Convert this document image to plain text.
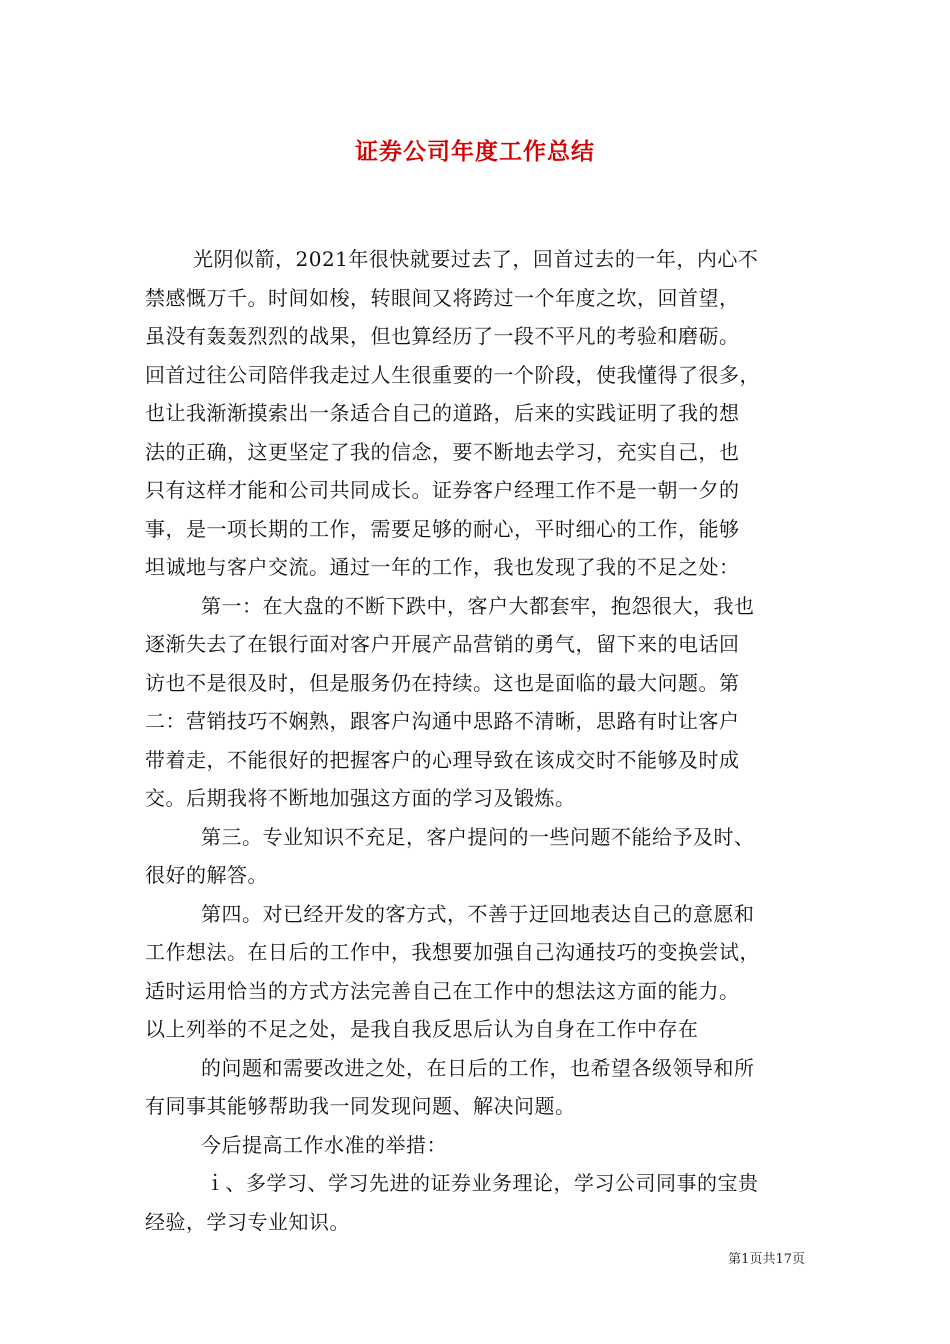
证券公司年度工作总结
光阴似箭，2021年很快就要过去了，回首过去的一年，内心不
禁感慨万千。时间如梭，转眼间又将跨过一个年度之坎，回首望，
虽没有轰轰烈烈的战果，但也算经历了一段不平凡的考验和磨砺。
回首过往公司陪伴我走过人生很重要的一个阶段，使我懂得了很多，
也让我渐渐摸索出一条适合自己的道路，后来的实践证明了我的想
法的正确，这更坚定了我的信念，要不断地去学习，充实自己，也
只有这样才能和公司共同成长。证券客户经理工作不是一朝一夕的
事，是一项长期的工作，需要足够的耐心，平时细心的工作，能够
坦诚地与客户交流。通过一年的工作，我也发现了我的不足之处：
第一：在大盘的不断下跌中，客户大都套牢，抱怨很大，我也
逐渐失去了在银行面对客户开展产品营销的勇气，留下来的电话回
访也不是很及时，但是服务仍在持续。这也是面临的最大问题。第
二：营销技巧不娴熟，跟客户沟通中思路不清晰，思路有时让客户
带着走，不能很好的把握客户的心理导致在该成交时不能够及时成
交。后期我将不断地加强这方面的学习及锻炼。
第三。专业知识不充足，客户提问的一些问题不能给予及时、
很好的解答。
第四。对已经开发的客方式，不善于迂回地表达自己的意愿和
工作想法。在日后的工作中，我想要加强自己沟通技巧的变换尝试，
适时运用恰当的方式方法完善自己在工作中的想法这方面的能力。
以上列举的不足之处，是我自我反思后认为自身在工作中存在
的问题和需要改进之处，在日后的工作，也希望各级领导和所
有同事其能够帮助我一同发现问题、解决问题。
今后提高工作水准的举措：
ｉ、多学习、学习先进的证券业务理论，学习公司同事的宝贵
经验，学习专业知识。
第1页共17页
